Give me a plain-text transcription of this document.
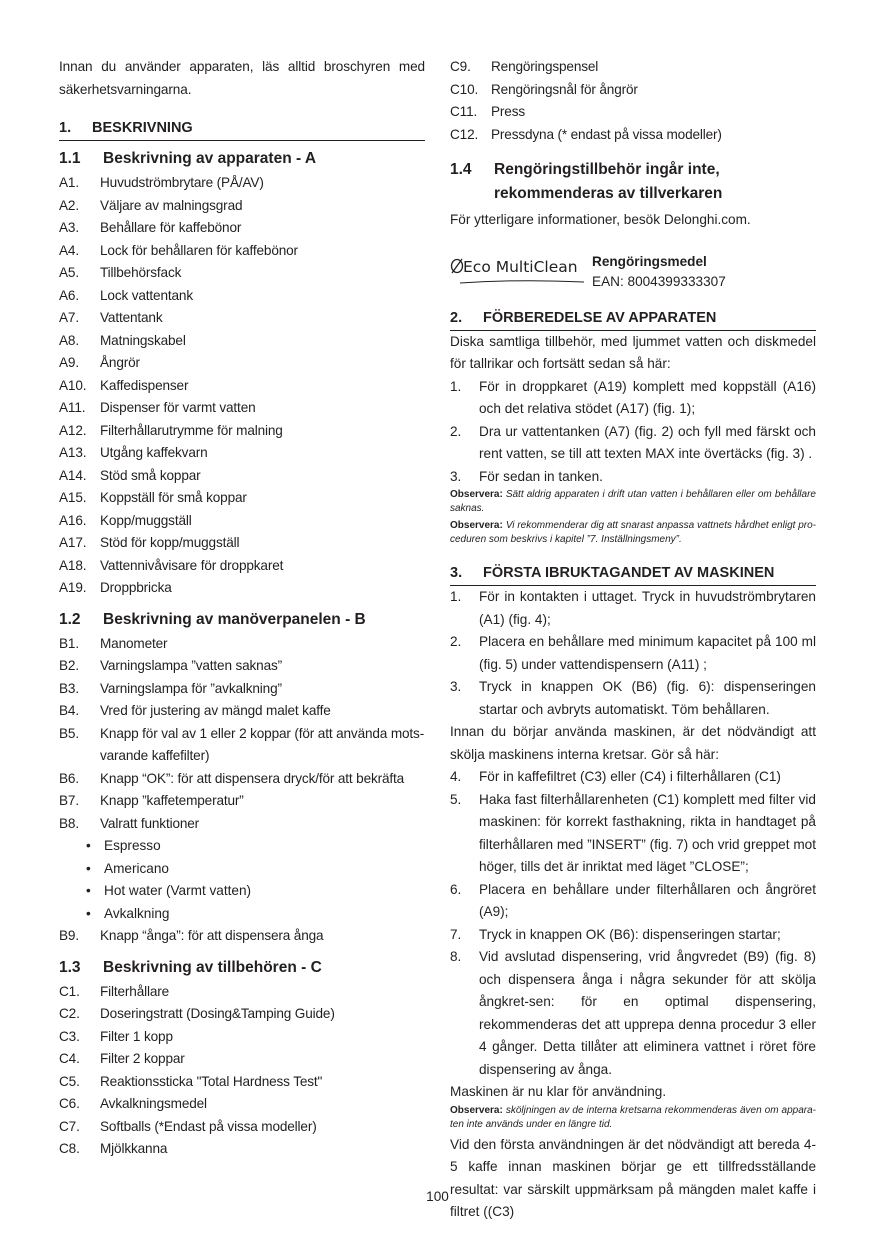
Innan du använder apparaten, läs alltid broschyren med säkerhetsvarningarna.

1.	BESKRIVNING
1.1	Beskrivning av apparaten - A
A1.	Huvudströmbrytare (PÅ/AV)
A2.	Väljare av malningsgrad
A3.	Behållare för kaffebönor
A4.	Lock för behållaren för kaffebönor
A5.	Tillbehörsfack
A6.	Lock vattentank
A7.	Vattentank
A8.	Matningskabel
A9.	Ångrör
A10.	Kaffedispenser
A11.	Dispenser för varmt vatten
A12.	Filterhållarutrymme för malning
A13.	Utgång kaffekvarn
A14.	Stöd små koppar
A15.	Koppställ för små koppar
A16.	Kopp/muggställ
A17.	Stöd för kopp/muggställ
A18.	Vattennivåvisare för droppkaret
A19.	Droppbricka
1.2	Beskrivning av manöverpanelen - B
B1.	Manometer
B2.	Varningslampa ”vatten saknas”
B3.	Varningslampa för ”avkalkning”
B4.	Vred för justering av mängd malet kaffe
B5.	Knapp för val av 1 eller 2 koppar (för att använda mots-varande kaffefilter)
B6.	Knapp “OK”: för att dispensera dryck/för att bekräfta
B7.	Knapp ”kaffetemperatur”
B8.	Valratt funktioner
• Espresso
• Americano
• Hot water (Varmt vatten)
• Avkalkning
B9.	Knapp “ånga”: för att dispensera ånga
1.3	Beskrivning av tillbehören - C
C1.	Filterhållare
C2.	Doseringstratt (Dosing&Tamping Guide)
C3.	Filter 1 kopp
C4.	Filter 2 koppar
C5.	Reaktionssticka "Total Hardness Test"
C6.	Avkalkningsmedel
C7.	Softballs (*Endast på vissa modeller)
C8.	Mjölkkanna
C9.	Rengöringspensel
C10. Rengöringsnål för ångrör
C11.	Press
C12. Pressdyna (* endast på vissa modeller)
1.4	Rengöringstillbehör ingår inte,
rekommenderas av tillverkaren

För ytterligare informationer, besök Delonghi.com.

Eco MultiClean Rengöringsmedel
EAN: 8004399333307
2.	FÖRBEREDELSE AV APPARATEN

Diska samtliga tillbehör, med ljummet vatten och diskmedel för tallrikar och fortsätt sedan så här:

1.	För in droppkaret (A19) komplett med koppställ (A16) och det relativa stödet (A17) (fig. 1);
2.	Dra ur vattentanken (A7) (fig. 2) och fyll med färskt och rent vatten, se till att texten MAX inte övertäcks (fig. 3) .
3.	För sedan in tanken.

Observera: Sätt aldrig apparaten i drift utan vatten i behållaren eller om behållare saknas.

Observera: Vi rekommenderar dig att snarast anpassa vattnets hårdhet enligt pro-ceduren som beskrivs i kapitel ”7. Inställningsmeny”.

3.	FÖRSTA IBRUKTAGANDET AV MASKINEN
1.	För in kontakten i uttaget. Tryck in huvudströmbrytaren (A1) (fig. 4);
2.	Placera en behållare med minimum kapacitet på 100 ml (fig. 5) under vattendispensern (A11) ;
3.	Tryck in knappen OK (B6) (fig. 6): dispenseringen startar och avbryts automatiskt. Töm behållaren.

Innan du börjar använda maskinen, är det nödvändigt att skölja maskinens interna kretsar. Gör så här:

4.	För in kaffefiltret (C3) eller (C4) i filterhållaren (C1)
5.	Haka fast filterhållarenheten (C1) komplett med filter vid maskinen: för korrekt fasthakning, rikta in handtaget på filterhållaren med ”INSERT” (fig. 7) och vrid greppet mot höger, tills det är inriktat med läget ”CLOSE”;
6.	Placera en behållare under filterhållaren och ångröret (A9);
7.	Tryck in knappen OK (B6): dispenseringen startar;
8.	Vid avslutad dispensering, vrid ångvredet (B9) (fig. 8) och dispensera ånga i några sekunder för att skölja ångkret-sen: för en optimal dispensering, rekommenderas det att upprepa denna procedur 3 eller 4 gånger. Detta tillåter att eliminera vattnet i röret före dispensering av ånga.

Maskinen är nu klar för användning.

Observera: sköljningen av de interna kretsarna rekommenderas även om appara-ten inte används under en längre tid.

Vid den första användningen är det nödvändigt att bereda 4-5 kaffe innan maskinen börjar ge ett tillfredsställande resultat: var särskilt uppmärksam på mängden malet kaffe i filtret ((C3)

100
